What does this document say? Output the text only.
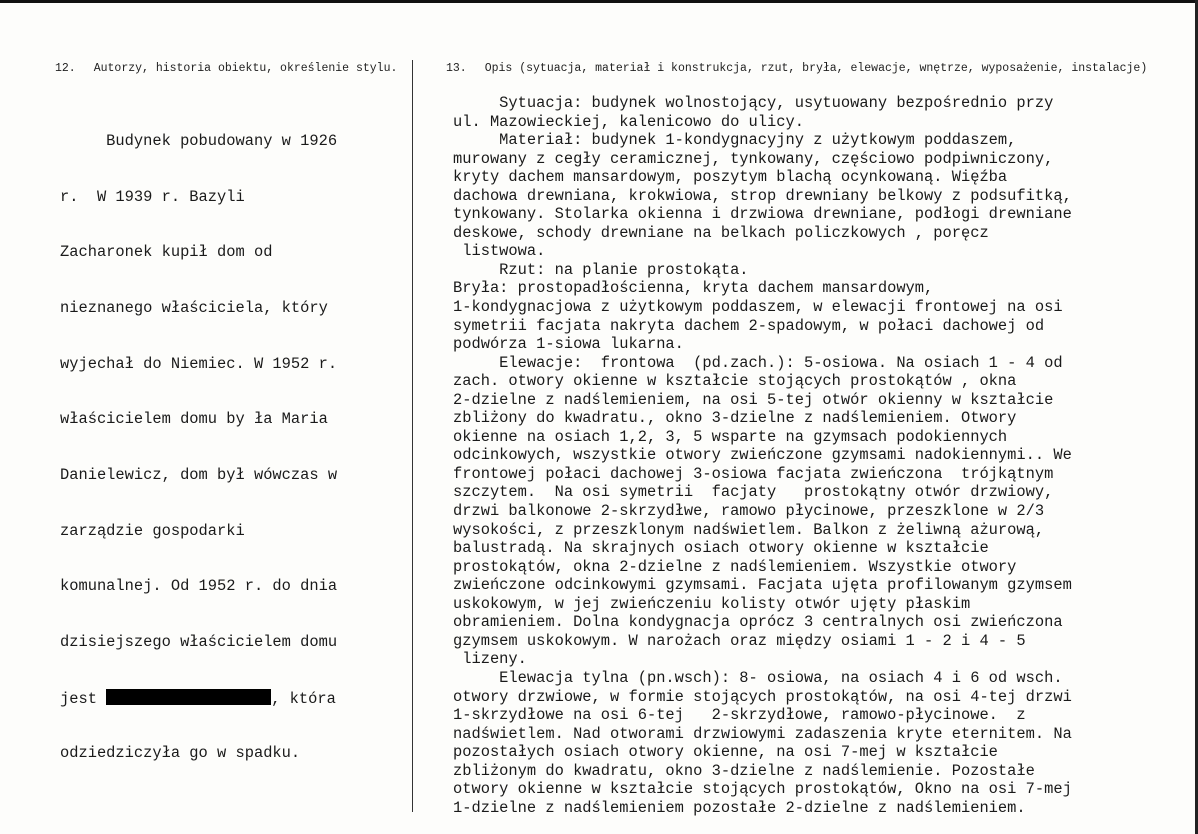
12. Autorzy, historia obiektu, określenie stylu.	13. Opis (sytuacja, materiał i konstrukcja, rzut, bryła, elewacje, wnętrze, wyposażenie, instalacje)

Budynek pobudowany w 1926

r.  W 1939 r. Bazyli

Zacharonek kupił dom od

nieznanego właściciela, który

wyjechał do Niemiec. W 1952 r.

właścicielem domu by ła Maria

Danielewicz, dom był wówczas w

zarządzie gospodarki

komunalnej. Od 1952 r. do dnia

dzisiejszego właścicielem domu

jest	, która

odziedziczyła go w spadku.

Sytuacja: budynek wolnostojący, usytuowany bezpośrednio przy
ul. Mazowieckiej, kalenicowo do ulicy.
Materiał: budynek 1-kondygnacyjny z użytkowym poddaszem,
murowany z cegły ceramicznej, tynkowany, częściowo podpiwniczony,
kryty dachem mansardowym, poszytym blachą ocynkowaną. Więźba
dachowa drewniana, krokwiowa, strop drewniany belkowy z podsufitką,
tynkowany. Stolarka okienna i drzwiowa drewniane, podłogi drewniane
deskowe, schody drewniane na belkach policzkowych , poręcz
listwowa.
Rzut: na planie prostokąta.
Bryła: prostopadłościenna, kryta dachem mansardowym,
1-kondygnacjowa z użytkowym poddaszem, w elewacji frontowej na osi
symetrii facjata nakryta dachem 2-spadowym, w połaci dachowej od
podwórza 1-siowa lukarna.
Elewacje:  frontowa  (pd.zach.): 5-osiowa. Na osiach 1 - 4 od
zach. otwory okienne w kształcie stojących prostokątów , okna
2-dzielne z nadślemieniem, na osi 5-tej otwór okienny w kształcie
zbliżony do kwadratu., okno 3-dzielne z nadślemieniem. Otwory
okienne na osiach 1,2, 3, 5 wsparte na gzymsach podokiennych
odcinkowych, wszystkie otwory zwieńczone gzymsami nadokiennymi.. We
frontowej połaci dachowej 3-osiowa facjata zwieńczona  trójkątnym
szczytem.  Na osi symetrii  facjaty   prostokątny otwór drzwiowy,
drzwi balkonowe 2-skrzydłwe, ramowo płycinowe, przeszklone w 2/3
wysokości, z przeszklonym nadświetlem. Balkon z żeliwną ażurową,
balustradą. Na skrajnych osiach otwory okienne w kształcie
prostokątów, okna 2-dzielne z nadślemieniem. Wszystkie otwory
zwieńczone odcinkowymi gzymsami. Facjata ujęta profilowanym gzymsem
uskokowym, w jej zwieńczeniu kolisty otwór ujęty płaskim
obramieniem. Dolna kondygnacja oprócz 3 centralnych osi zwieńczona
gzymsem uskokowym. W narożach oraz między osiami 1 - 2 i 4 - 5
lizeny.
Elewacja tylna (pn.wsch): 8- osiowa, na osiach 4 i 6 od wsch.
otwory drzwiowe, w formie stojących prostokątów, na osi 4-tej drzwi
1-skrzydłowe na osi 6-tej   2-skrzydłowe, ramowo-płycinowe.  z
nadświetlem. Nad otworami drzwiowymi zadaszenia kryte eternitem. Na
pozostałych osiach otwory okienne, na osi 7-mej w kształcie
zbliżonym do kwadratu, okno 3-dzielne z nadślemienie. Pozostałe
otwory okienne w kształcie stojących prostokątów, Okno na osi 7-mej
1-dzielne z nadślemieniem pozostałe 2-dzielne z nadślemieniem.
